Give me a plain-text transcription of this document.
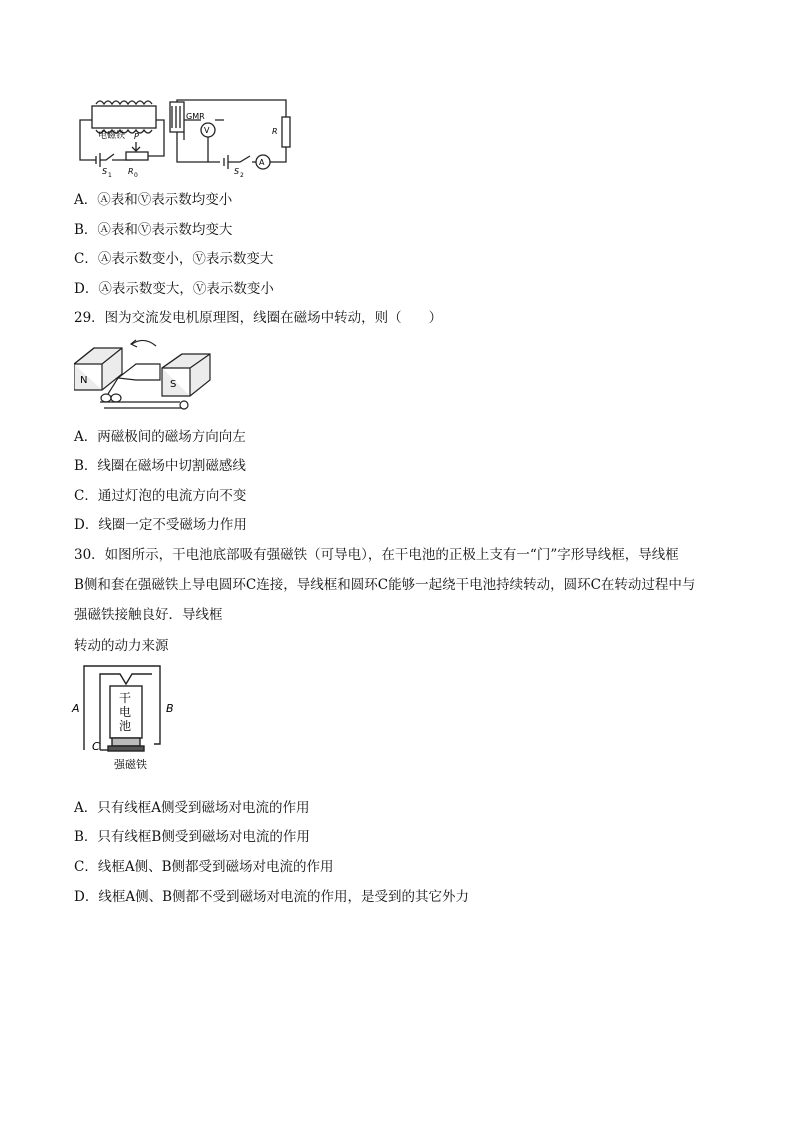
电磁铁
GMR
V
A
P
S 1 R 0	S 2
R
A．Ⓐ表和Ⓥ表示数均变小
B．Ⓐ表和Ⓥ表示数均变大
C．Ⓐ表示数变小，Ⓥ表示数变大
D．Ⓐ表示数变大，Ⓥ表示数变小
29．图为交流发电机原理图，线圈在磁场中转动，则（　　）
N	S
A．两磁极间的磁场方向向左
B．线圈在磁场中切割磁感线
C．通过灯泡的电流方向不变
D．线圈一定不受磁场力作用
30．如图所示，干电池底部吸有强磁铁（可导电），在干电池的正极上支有一“门”字形导线框，导线框
B侧和套在强磁铁上导电圆环C连接，导线框和圆环C能够一起绕干电池持续转动，圆环C在转动过程中与
强磁铁接触良好．导线框
转动的动力来源
A	B
C
干
电
池
强磁铁
A．只有线框A侧受到磁场对电流的作用
B．只有线框B侧受到磁场对电流的作用
C．线框A侧、B侧都受到磁场对电流的作用
D．线框A侧、B侧都不受到磁场对电流的作用，是受到的其它外力
